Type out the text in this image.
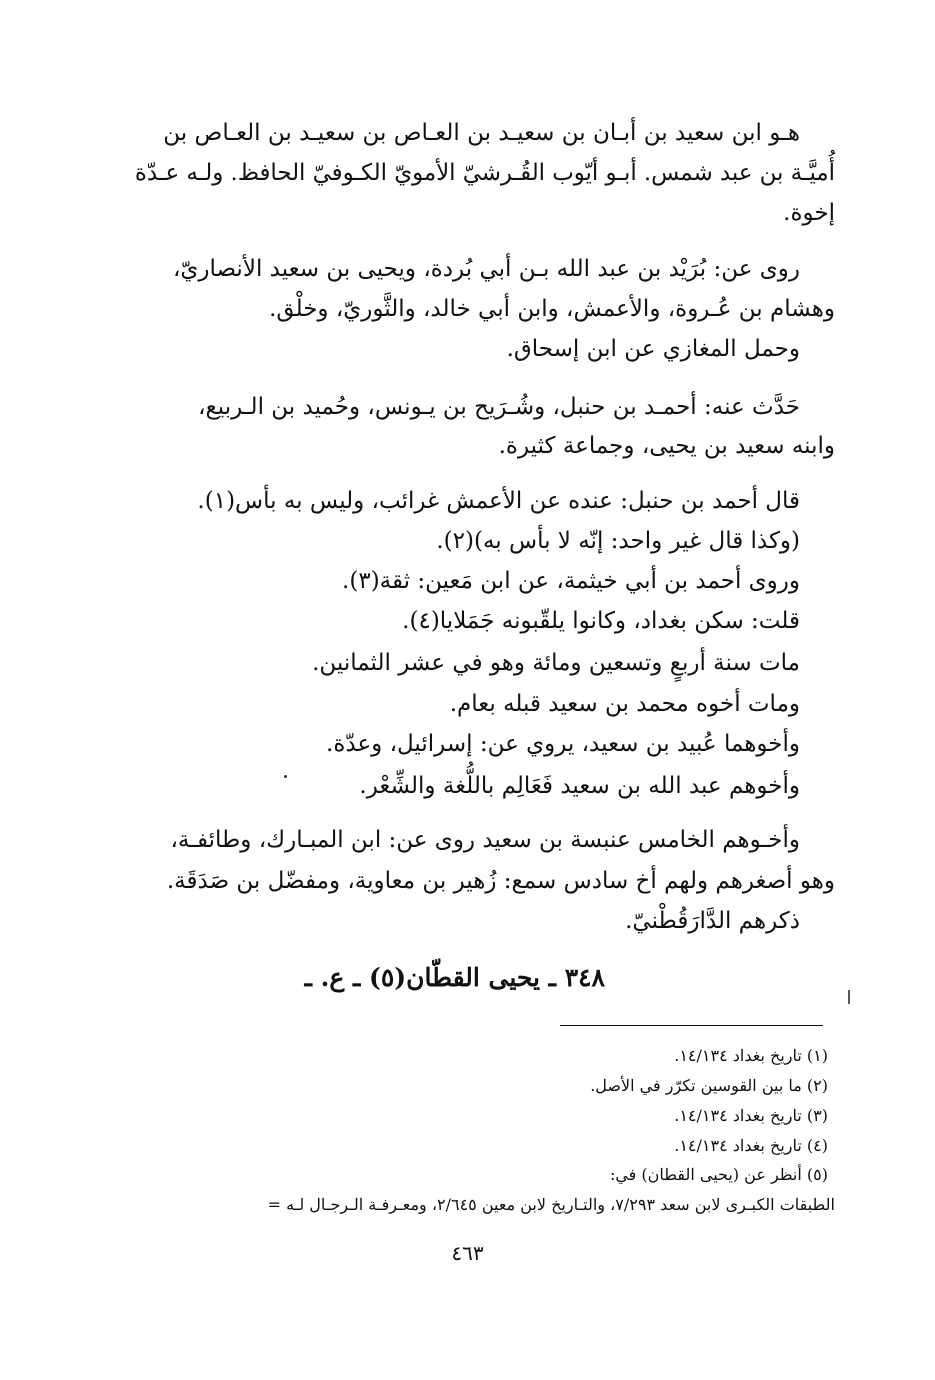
هـو ابن سعيد بن أبـان بن سعيـد بن العـاص بن سعيـد بن العـاص بن
أُميَّـة بن عبد شمس. أبـو أيّوب القُـرشيّ الأمويّ الكـوفيّ الحافظ. ولـه عـدّة
إخوة.
روى عن: بُرَيْد بن عبد الله بـن أبي بُردة، ويحيى بن سعيد الأنصاريّ،
وهشام بن عُـروة، والأعمش، وابن أبي خالد، والثَّوريّ، وخلْق.
وحمل المغازي عن ابن إسحاق.
حَدَّث عنه: أحمـد بن حنبل، وشُـرَيح بن يـونس، وحُميد بن الـربيع،
وابنه سعيد بن يحيى، وجماعة كثيرة.
قال أحمد بن حنبل: عنده عن الأعمش غرائب، وليس به بأس(١).
(وكذا قال غير واحد: إنّه لا بأس به)(٢).
وروى أحمد بن أبي خيثمة، عن ابن مَعين: ثقة(٣).
قلت: سكن بغداد، وكانوا يلقّبونه جَمَلايا(٤).
مات سنة أربعٍ وتسعين ومائة وهو في عشر الثمانين.
ومات أخوه محمد بن سعيد قبله بعام.
وأخوهما عُبيد بن سعيد، يروي عن: إسرائيل، وعدّة.
وأخوهم عبد الله بن سعيد فَعَالِم باللُّغة والشِّعْر.
وأخـوهم الخامس عنبسة بن سعيد روى عن: ابن المبـارك، وطائفـة،
وهو أصغرهم ولهم أخ سادس سمع: زُهير بن معاوية، ومفضّل بن صَدَقَة.
ذكرهم الدَّارَقُطْنيّ.
٣٤٨ ـ يحيى القطّان(٥) ـ ع. ـ
(١) تاريخ بغداد ١٤/١٣٤.
(٢) ما بين القوسين تكرّر في الأصل.
(٣) تاريخ بغداد ١٤/١٣٤.
(٤) تاريخ بغداد ١٤/١٣٤.
(٥) أنظر عن (يحيى القطان) في:
الطبقات الكبـرى لابن سعد ٧/٢٩٣، والتـاريخ لابن معين ٢/٦٤٥، ومعـرفـة الـرجـال لـه =
٤٦٣
